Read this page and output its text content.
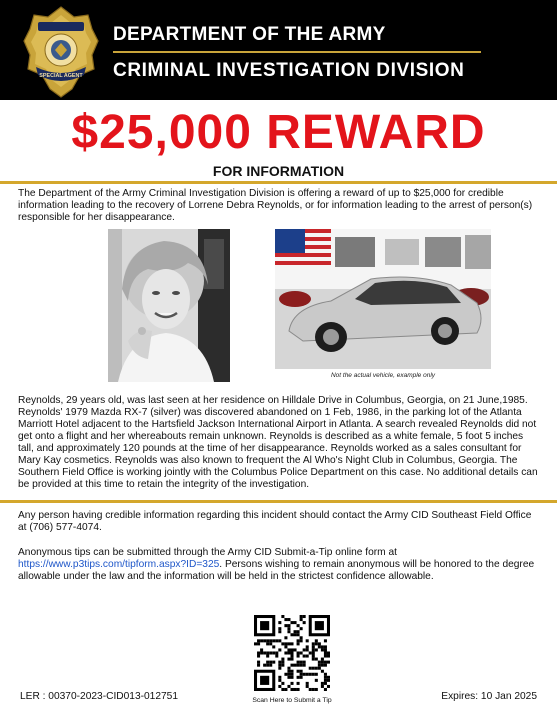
SPECIAL AGENT
DEPARTMENT OF THE ARMY
CRIMINAL INVESTIGATION DIVISION
$25,000 REWARD
FOR INFORMATION

The Department of the Army Criminal Investigation Division is offering a reward of up to $25,000 for credible information leading to the recovery of Lorrene Debra Reynolds, or for information leading to the arrest of person(s) responsible for her disappearance.

Not the actual vehicle, example only

Reynolds, 29 years old, was last seen at her residence on Hilldale Drive in Columbus, Georgia, on 21 June,1985. Reynolds' 1979 Mazda RX-7 (silver) was discovered abandoned on 1 Feb, 1986, in the parking lot of the Atlanta Marriott Hotel adjacent to the Hartsfield Jackson International Airport in Atlanta. A search revealed Reynolds did not get onto a flight and her whereabouts remain unknown. Reynolds is described as a white female, 5 foot 5 inches tall, and approximately 120 pounds at the time of her disappearance. Reynolds worked as a sales consultant for Mary Kay cosmetics. Reynolds was also known to frequent the Al Who's Night Club in Columbus, Georgia. The Southern Field Office is working jointly with the Columbus Police Department on this case. No additional details can be provided at this time to retain the integrity of the investigation.

Any person having credible information regarding this incident should contact the Army CID Southeast Field Office at (706) 577-4074.

Anonymous tips can be submitted through the Army CID Submit-a-Tip online form at https://www.p3tips.com/tipform.aspx?ID=325. Persons wishing to remain anonymous will be honored to the degree allowable under the law and the information will be held in the strictest confidence allowable.

LER : 00370-2023-CID013-012751	Scan Here to Submit a Tip	Expires: 10 Jan 2025
